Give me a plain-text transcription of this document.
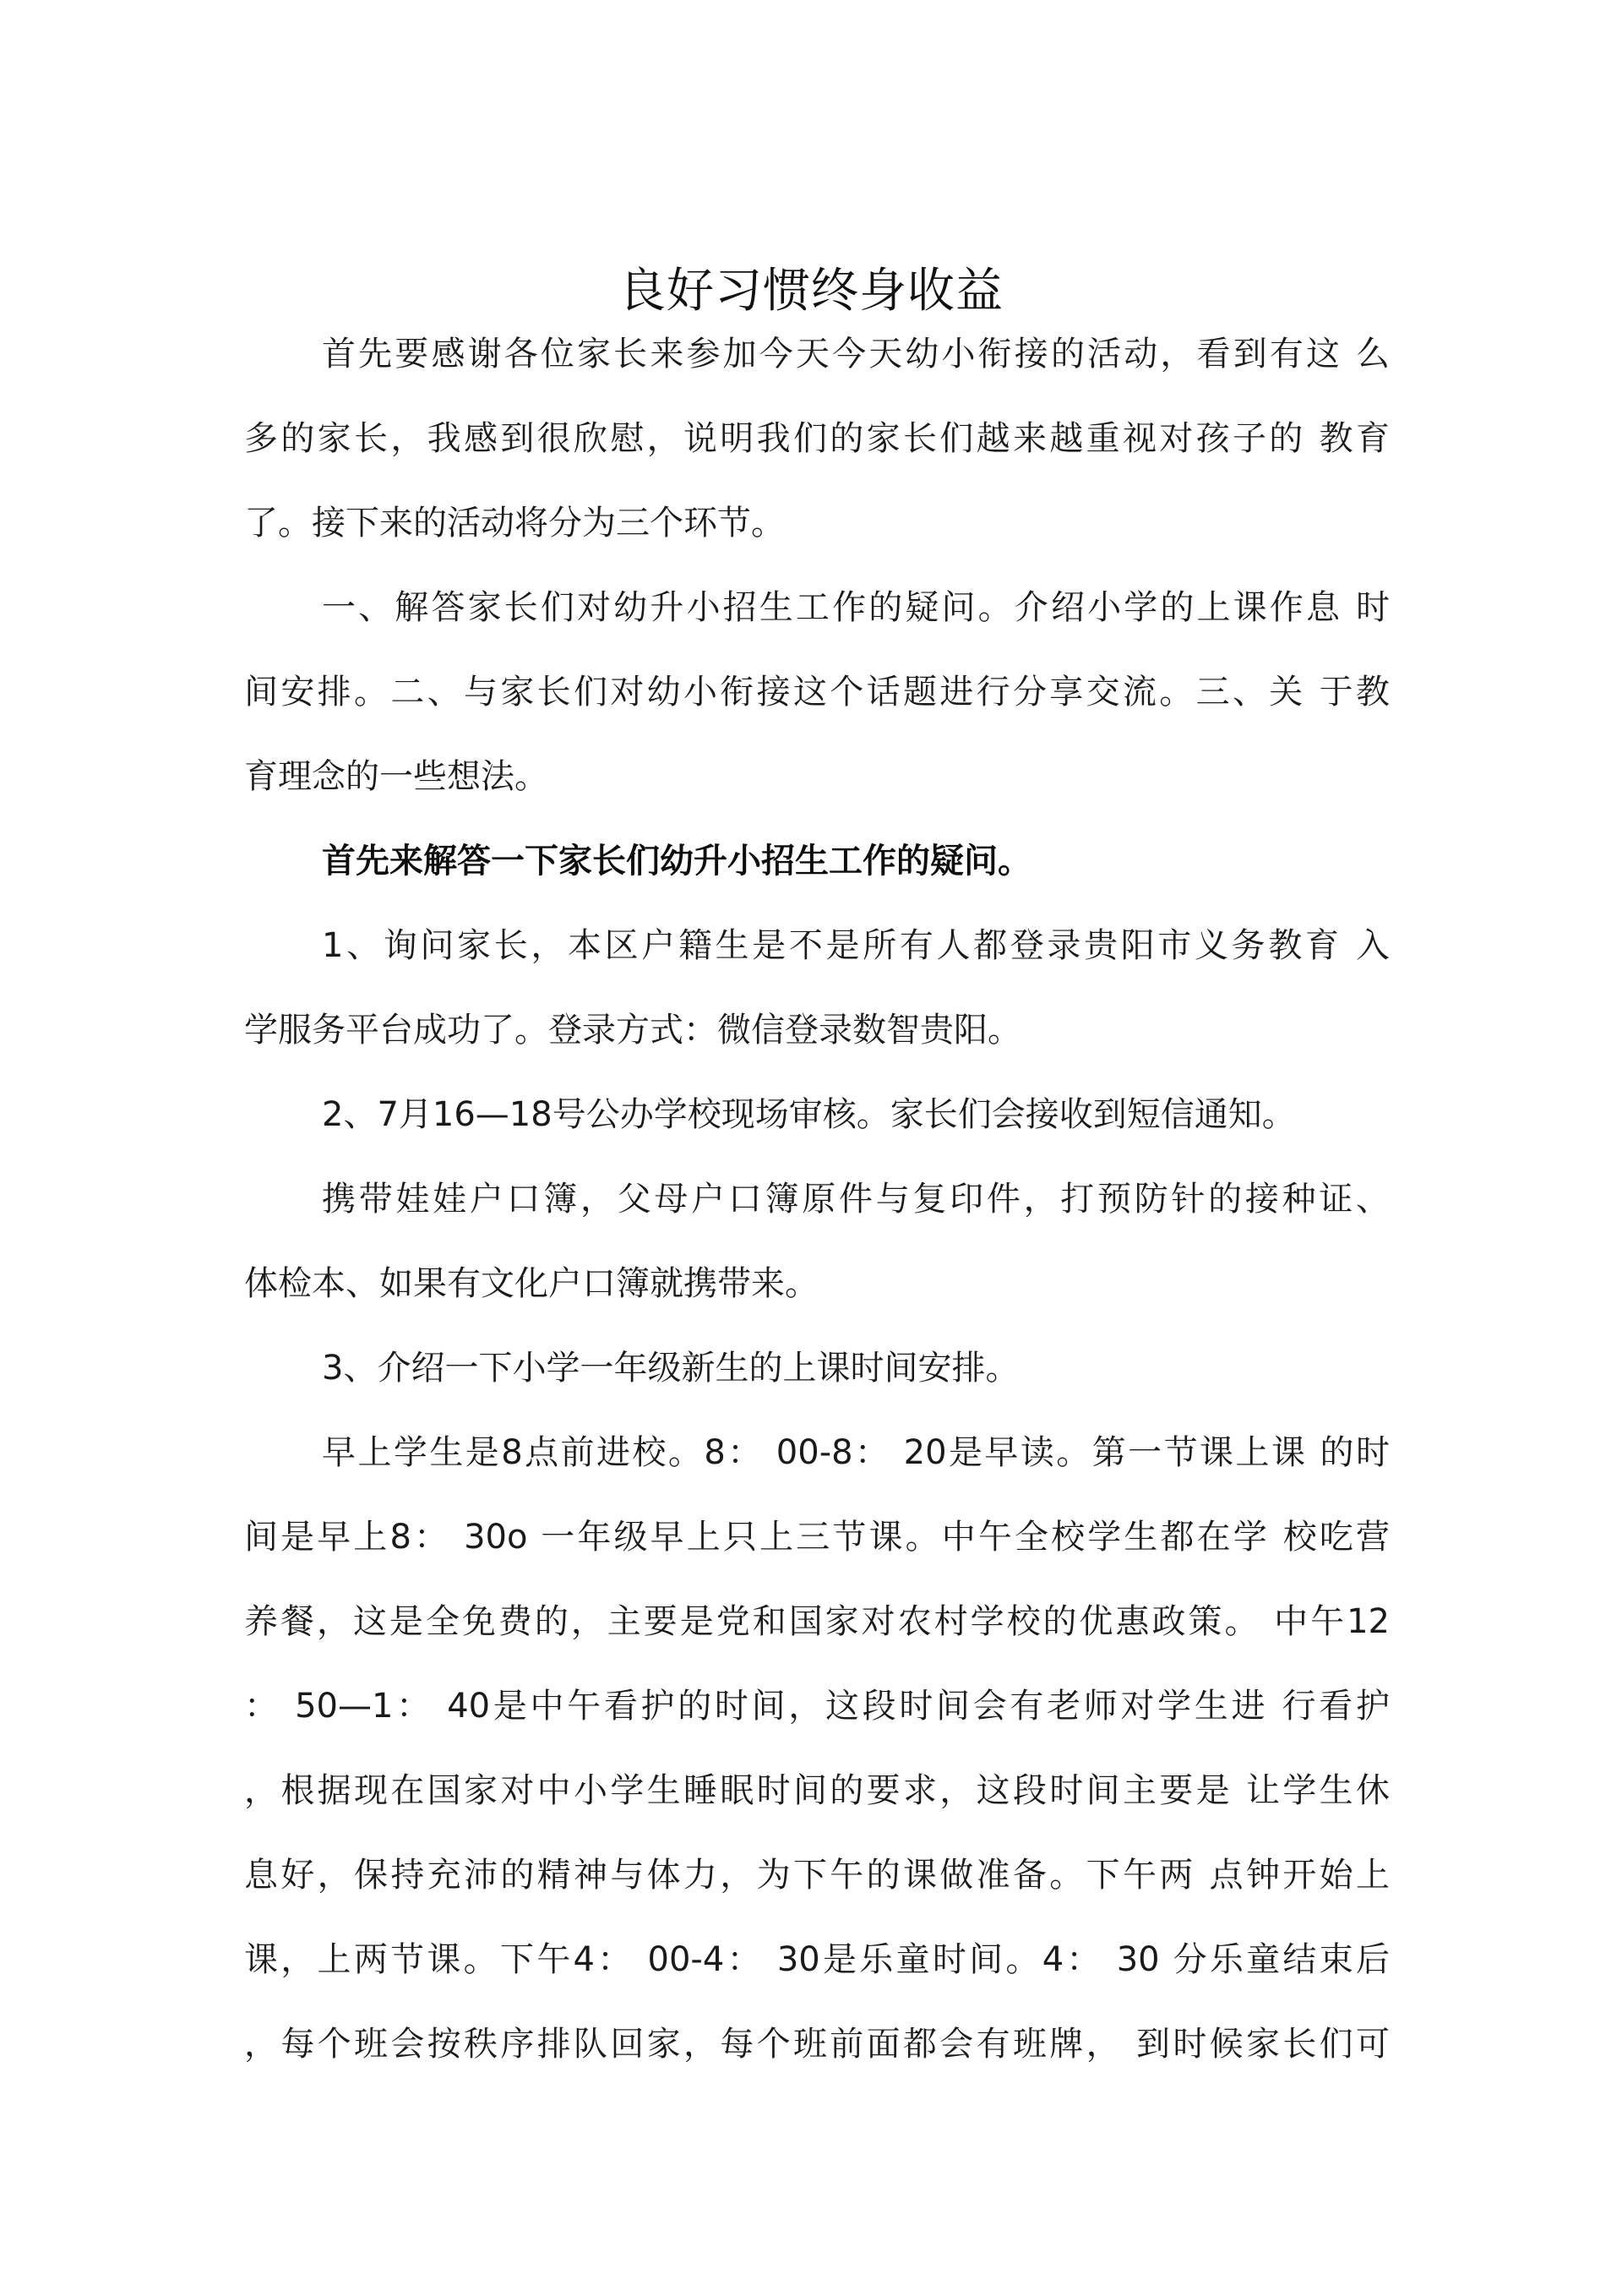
良好习惯终身收益
首先要感谢各位家长来参加今天今天幼小衔接的活动，看到有这 么
多的家长，我感到很欣慰，说明我们的家长们越来越重视对孩子的 教育
了。接下来的活动将分为三个环节。
一、解答家长们对幼升小招生工作的疑问。介绍小学的上课作息 时
间安排。二、与家长们对幼小衔接这个话题进行分享交流。三、关 于教
育理念的一些想法。
首先来解答一下家长们幼升小招生工作的疑问。
1、询问家长，本区户籍生是不是所有人都登录贵阳市义务教育 入
学服务平台成功了。登录方式：微信登录数智贵阳。
2、7月16—18号公办学校现场审核。家长们会接收到短信通知。
携带娃娃户口簿，父母户口簿原件与复印件，打预防针的接种证、
体检本、如果有文化户口簿就携带来。
3、介绍一下小学一年级新生的上课时间安排。
早上学生是8点前进校。8： 00-8： 20是早读。第一节课上课 的时
间是早上8： 30o 一年级早上只上三节课。中午全校学生都在学 校吃营
养餐，这是全免费的，主要是党和国家对农村学校的优惠政策。 中午12
： 50—1： 40是中午看护的时间，这段时间会有老师对学生进 行看护
，根据现在国家对中小学生睡眠时间的要求，这段时间主要是 让学生休
息好，保持充沛的精神与体力，为下午的课做准备。下午两 点钟开始上
课，上两节课。下午4： 00-4： 30是乐童时间。4： 30 分乐童结束后
，每个班会按秩序排队回家，每个班前面都会有班牌， 到时候家长们可
